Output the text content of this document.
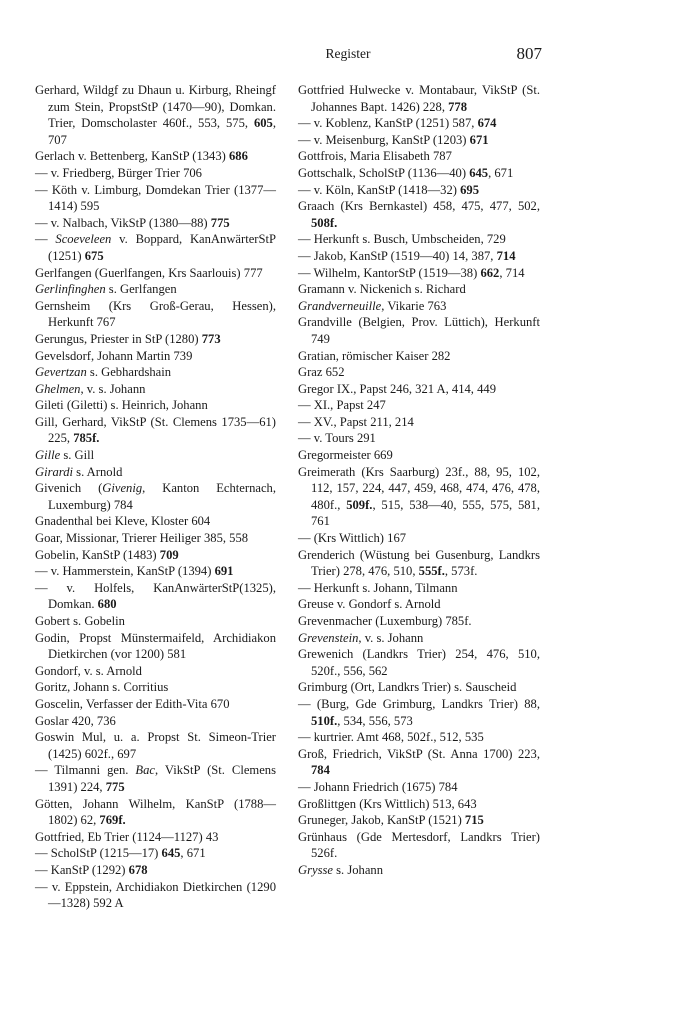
Register	807

Gerhard, Wildgf zu Dhaun u. Kirburg, Rheingf zum Stein, PropstStP (1470—90), Domkan. Trier, Domscholaster 460f., 553, 575, 605, 707

Gerlach v. Bettenberg, KanStP (1343) 686

— v. Friedberg, Bürger Trier 706

— Köth v. Limburg, Domdekan Trier (1377—1414) 595

— v. Nalbach, VikStP (1380—88) 775

— Scoeveleen v. Boppard, KanAnwärterStP (1251) 675

Gerlfangen (Guerlfangen, Krs Saarlouis) 777

Gerlinfinghen s. Gerlfangen

Gernsheim (Krs Groß-Gerau, Hessen), Herkunft 767

Gerungus, Priester in StP (1280) 773

Gevelsdorf, Johann Martin 739

Gevertzan s. Gebhardshain

Ghelmen, v. s. Johann

Gileti (Giletti) s. Heinrich, Johann

Gill, Gerhard, VikStP (St. Clemens 1735—61) 225, 785f.

Gille s. Gill

Girardi s. Arnold

Givenich (Givenig, Kanton Echternach, Luxemburg) 784

Gnadenthal bei Kleve, Kloster 604

Goar, Missionar, Trierer Heiliger 385, 558

Gobelin, KanStP (1483) 709

— v. Hammerstein, KanStP (1394) 691

— v. Holfels, KanAnwärterStP(1325), Domkan. 680

Gobert s. Gobelin

Godin, Propst Münstermaifeld, Archidiakon Dietkirchen (vor 1200) 581

Gondorf, v. s. Arnold

Goritz, Johann s. Corritius

Goscelin, Verfasser der Edith-Vita 670

Goslar 420, 736

Goswin Mul, u. a. Propst St. Simeon-Trier (1425) 602f., 697

— Tilmanni gen. Bac, VikStP (St. Clemens 1391) 224, 775

Götten, Johann Wilhelm, KanStP (1788—1802) 62, 769f.

Gottfried, Eb Trier (1124—1127) 43

— ScholStP (1215—17) 645, 671

— KanStP (1292) 678

— v. Eppstein, Archidiakon Dietkirchen (1290—1328) 592 A

Gottfried Hulwecke v. Montabaur, VikStP (St. Johannes Bapt. 1426) 228, 778

— v. Koblenz, KanStP (1251) 587, 674

— v. Meisenburg, KanStP (1203) 671

Gottfrois, Maria Elisabeth 787

Gottschalk, ScholStP (1136—40) 645, 671

— v. Köln, KanStP (1418—32) 695

Graach (Krs Bernkastel) 458, 475, 477, 502, 508f.

— Herkunft s. Busch, Umbscheiden, 729

— Jakob, KanStP (1519—40) 14, 387, 714

— Wilhelm, KantorStP (1519—38) 662, 714

Gramann v. Nickenich s. Richard

Grandverneuille, Vikarie 763

Grandville (Belgien, Prov. Lüttich), Herkunft 749

Gratian, römischer Kaiser 282

Graz 652

Gregor IX., Papst 246, 321 A, 414, 449

— XI., Papst 247

— XV., Papst 211, 214

— v. Tours 291

Gregormeister 669

Greimerath (Krs Saarburg) 23f., 88, 95, 102, 112, 157, 224, 447, 459, 468, 474, 476, 478, 480f., 509f., 515, 538—40, 555, 575, 581, 761

— (Krs Wittlich) 167

Grenderich (Wüstung bei Gusenburg, Landkrs Trier) 278, 476, 510, 555f., 573f.

— Herkunft s. Johann, Tilmann

Greuse v. Gondorf s. Arnold

Grevenmacher (Luxemburg) 785f.

Grevenstein, v. s. Johann

Grewenich (Landkrs Trier) 254, 476, 510, 520f., 556, 562

Grimburg (Ort, Landkrs Trier) s. Sauscheid

— (Burg, Gde Grimburg, Landkrs Trier) 88, 510f., 534, 556, 573

— kurtrier. Amt 468, 502f., 512, 535

Groß, Friedrich, VikStP (St. Anna 1700) 223, 784

— Johann Friedrich (1675) 784

Großlittgen (Krs Wittlich) 513, 643

Gruneger, Jakob, KanStP (1521) 715

Grünhaus (Gde Mertesdorf, Landkrs Trier) 526f.

Grysse s. Johann
